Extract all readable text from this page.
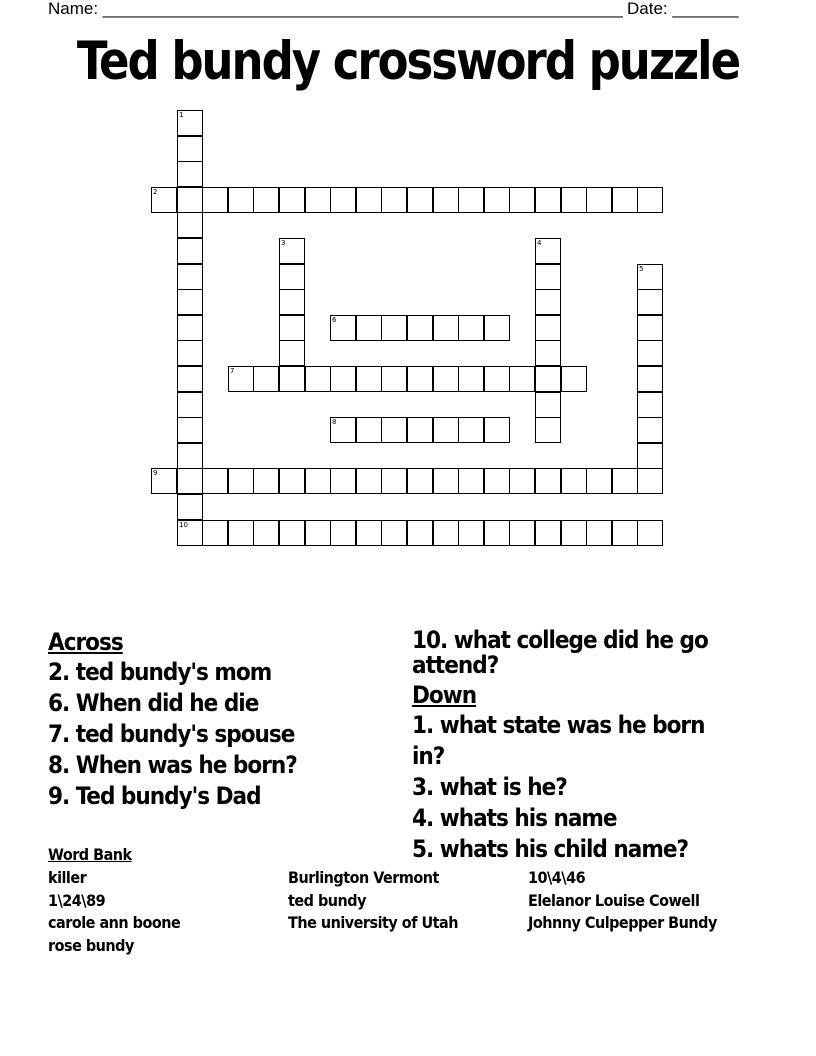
Name: _______________________________________________________ Date: _______
Ted bundy crossword puzzle
1
10
2
3	4
5
6
7
8
9
Across
2. ted bundy's mom
6. When did he die
7. ted bundy's spouse
8. When was he born?
9. Ted bundy's Dad
10. what college did he go attend?
Down
1. what state was he born in?
3. what is he?
4. whats his name
5. whats his child name?
Word Bank
killer
1\24\89
carole ann boone
rose bundy
Burlington Vermont
ted bundy
The university of Utah
10\4\46
Elelanor Louise Cowell
Johnny Culpepper Bundy
